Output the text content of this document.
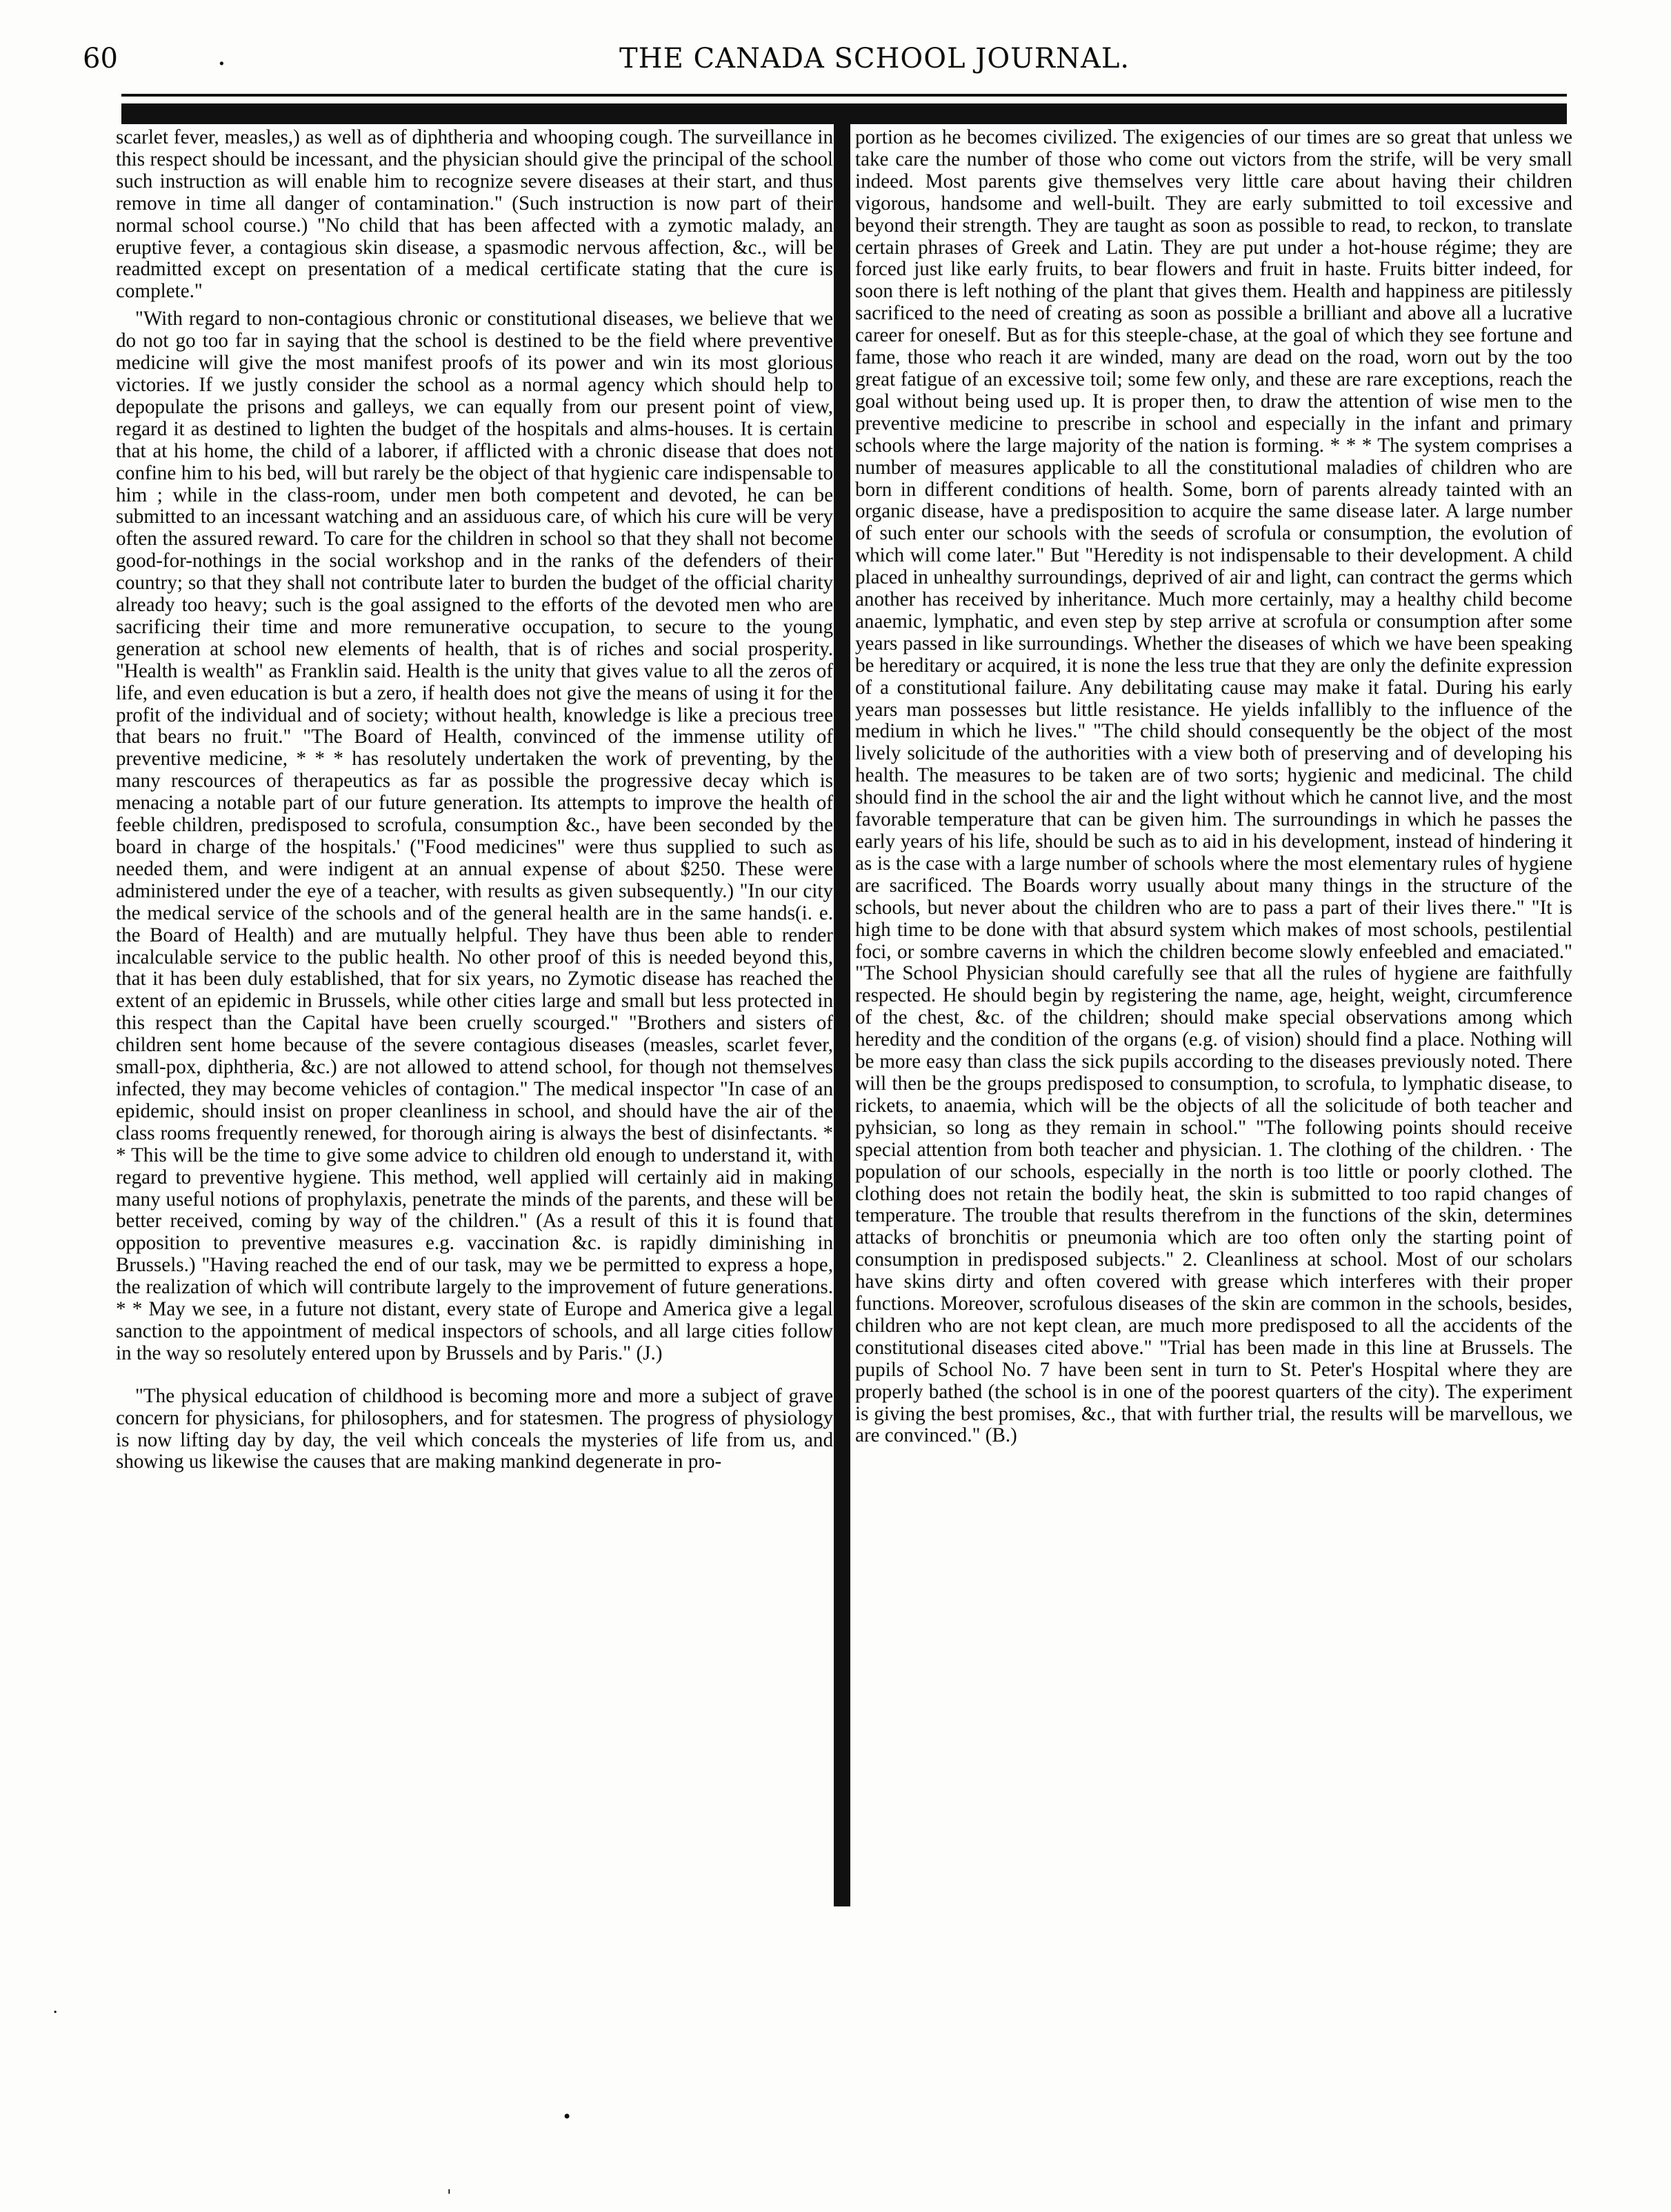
60	.	THE CANADA SCHOOL JOURNAL.

scarlet fever, measles,) as well as of diphtheria and whooping cough. The surveillance in this respect should be incessant, and the physician should give the principal of the school such instruction as will enable him to recognize severe diseases at their start, and thus remove in time all danger of contamination." (Such instruction is now part of their normal school course.) "No child that has been affected with a zymotic malady, an eruptive fever, a contagious skin disease, a spasmodic nervous affection, &c., will be readmitted except on presentation of a medical certificate stating that the cure is complete."

"With regard to non-contagious chronic or constitutional diseases, we believe that we do not go too far in saying that the school is destined to be the field where preventive medicine will give the most manifest proofs of its power and win its most glorious victories. If we justly consider the school as a normal agency which should help to depopulate the prisons and galleys, we can equally from our present point of view, regard it as destined to lighten the budget of the hospitals and alms-houses. It is certain that at his home, the child of a laborer, if afflicted with a chronic disease that does not confine him to his bed, will but rarely be the object of that hygienic care indispensable to him ; while in the class-room, under men both competent and devoted, he can be submitted to an incessant watching and an assiduous care, of which his cure will be very often the assured reward. To care for the children in school so that they shall not become good-for-nothings in the social workshop and in the ranks of the defenders of their country; so that they shall not contribute later to burden the budget of the official charity already too heavy; such is the goal assigned to the efforts of the devoted men who are sacrificing their time and more remunerative occupation, to secure to the young generation at school new elements of health, that is of riches and social prosperity. "Health is wealth" as Franklin said. Health is the unity that gives value to all the zeros of life, and even education is but a zero, if health does not give the means of using it for the profit of the individual and of society; without health, knowledge is like a precious tree that bears no fruit." "The Board of Health, convinced of the immense utility of preventive medicine, * * * has resolutely undertaken the work of preventing, by the many rescources of therapeutics as far as possible the progressive decay which is menacing a notable part of our future generation. Its attempts to improve the health of feeble children, predisposed to scrofula, consumption &c., have been seconded by the board in charge of the hospitals.' ("Food medicines" were thus supplied to such as needed them, and were indigent at an annual expense of about $250. These were administered under the eye of a teacher, with results as given subsequently.) "In our city the medical service of the schools and of the general health are in the same hands(i. e. the Board of Health) and are mutually helpful. They have thus been able to render incalculable service to the public health. No other proof of this is needed beyond this, that it has been duly established, that for six years, no Zymotic disease has reached the extent of an epidemic in Brussels, while other cities large and small but less protected in this respect than the Capital have been cruelly scourged." "Brothers and sisters of children sent home because of the severe contagious diseases (measles, scarlet fever, small-pox, diphtheria, &c.) are not allowed to attend school, for though not themselves infected, they may become vehicles of contagion." The medical inspector "In case of an epidemic, should insist on proper cleanliness in school, and should have the air of the class rooms frequently renewed, for thorough airing is always the best of disinfectants. * * This will be the time to give some advice to children old enough to understand it, with regard to preventive hygiene. This method, well applied will certainly aid in making many useful notions of prophylaxis, penetrate the minds of the parents, and these will be better received, coming by way of the children." (As a result of this it is found that opposition to preventive measures e.g. vaccination &c. is rapidly diminishing in Brussels.) "Having reached the end of our task, may we be permitted to express a hope, the realization of which will contribute largely to the improvement of future generations. * * May we see, in a future not distant, every state of Europe and America give a legal sanction to the appointment of medical inspectors of schools, and all large cities follow in the way so resolutely entered upon by Brussels and by Paris." (J.)

"The physical education of childhood is becoming more and more a subject of grave concern for physicians, for philosophers, and for statesmen. The progress of physiology is now lifting day by day, the veil which conceals the mysteries of life from us, and showing us likewise the causes that are making mankind degenerate in pro-

portion as he becomes civilized. The exigencies of our times are so great that unless we take care the number of those who come out victors from the strife, will be very small indeed. Most parents give themselves very little care about having their children vigorous, handsome and well-built. They are early submitted to toil excessive and beyond their strength. They are taught as soon as possible to read, to reckon, to translate certain phrases of Greek and Latin. They are put under a hot-house régime; they are forced just like early fruits, to bear flowers and fruit in haste. Fruits bitter indeed, for soon there is left nothing of the plant that gives them. Health and happiness are pitilessly sacrificed to the need of creating as soon as possible a brilliant and above all a lucrative career for oneself. But as for this steeple-chase, at the goal of which they see fortune and fame, those who reach it are winded, many are dead on the road, worn out by the too great fatigue of an excessive toil; some few only, and these are rare exceptions, reach the goal without being used up. It is proper then, to draw the attention of wise men to the preventive medicine to prescribe in school and especially in the infant and primary schools where the large majority of the nation is forming. * * * The system comprises a number of measures applicable to all the constitutional maladies of children who are born in different conditions of health. Some, born of parents already tainted with an organic disease, have a predisposition to acquire the same disease later. A large number of such enter our schools with the seeds of scrofula or consumption, the evolution of which will come later." But "Heredity is not indispensable to their development. A child placed in unhealthy surroundings, deprived of air and light, can contract the germs which another has received by inheritance. Much more certainly, may a healthy child become anaemic, lymphatic, and even step by step arrive at scrofula or consumption after some years passed in like surroundings. Whether the diseases of which we have been speaking be hereditary or acquired, it is none the less true that they are only the definite expression of a constitutional failure. Any debilitating cause may make it fatal. During his early years man possesses but little resistance. He yields infallibly to the influence of the medium in which he lives." "The child should consequently be the object of the most lively solicitude of the authorities with a view both of preserving and of developing his health. The measures to be taken are of two sorts; hygienic and medicinal. The child should find in the school the air and the light without which he cannot live, and the most favorable temperature that can be given him. The surroundings in which he passes the early years of his life, should be such as to aid in his development, instead of hindering it as is the case with a large number of schools where the most elementary rules of hygiene are sacrificed. The Boards worry usually about many things in the structure of the schools, but never about the children who are to pass a part of their lives there." "It is high time to be done with that absurd system which makes of most schools, pestilential foci, or sombre caverns in which the children become slowly enfeebled and emaciated." "The School Physician should carefully see that all the rules of hygiene are faithfully respected. He should begin by registering the name, age, height, weight, circumference of the chest, &c. of the children; should make special observations among which heredity and the condition of the organs (e.g. of vision) should find a place. Nothing will be more easy than class the sick pupils according to the diseases previously noted. There will then be the groups predisposed to consumption, to scrofula, to lymphatic disease, to rickets, to anaemia, which will be the objects of all the solicitude of both teacher and pyhsician, so long as they remain in school." "The following points should receive special attention from both teacher and physician. 1. The clothing of the children. · The population of our schools, especially in the north is too little or poorly clothed. The clothing does not retain the bodily heat, the skin is submitted to too rapid changes of temperature. The trouble that results therefrom in the functions of the skin, determines attacks of bronchitis or pneumonia which are too often only the starting point of consumption in predisposed subjects." 2. Cleanliness at school. Most of our scholars have skins dirty and often covered with grease which interferes with their proper functions. Moreover, scrofulous diseases of the skin are common in the schools, besides, children who are not kept clean, are much more predisposed to all the accidents of the constitutional diseases cited above." "Trial has been made in this line at Brussels. The pupils of School No. 7 have been sent in turn to St. Peter's Hospital where they are properly bathed (the school is in one of the poorest quarters of the city). The experiment is giving the best promises, &c., that with further trial, the results will be marvellous, we are convinced." (B.)

.
•
'
